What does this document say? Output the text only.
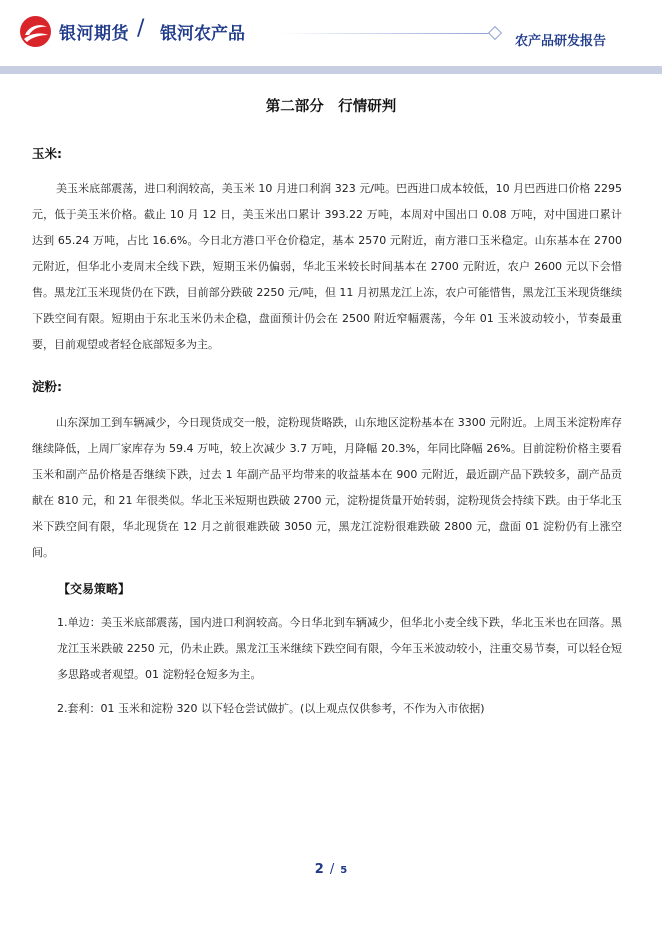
银河期货 / 银河农产品	农产品研发报告
第二部分　行情研判
玉米:
美玉米底部震荡，进口利润较高，美玉米 10 月进口利润 323 元/吨。巴西进口成本较低，10 月巴西进口价格 2295 元，低于美玉米价格。截止 10 月 12 日，美玉米出口累计 393.22 万吨，本周对中国出口 0.08 万吨，对中国进口累计达到 65.24 万吨，占比 16.6%。今日北方港口平仓价稳定，基本 2570 元附近，南方港口玉米稳定。山东基本在 2700 元附近，但华北小麦周末全线下跌，短期玉米仍偏弱，华北玉米较长时间基本在 2700 元附近，农户 2600 元以下会惜售。黑龙江玉米现货仍在下跌，目前部分跌破 2250 元/吨，但 11 月初黑龙江上冻，农户可能惜售，黑龙江玉米现货继续下跌空间有限。短期由于东北玉米仍未企稳，盘面预计仍会在 2500 附近窄幅震荡，今年 01 玉米波动较小，节奏最重要，目前观望或者轻仓底部短多为主。
淀粉:
山东深加工到车辆减少，今日现货成交一般，淀粉现货略跌，山东地区淀粉基本在 3300 元附近。上周玉米淀粉库存继续降低，上周厂家库存为 59.4 万吨，较上次减少 3.7 万吨，月降幅 20.3%，年同比降幅 26%。目前淀粉价格主要看玉米和副产品价格是否继续下跌，过去 1 年副产品平均带来的收益基本在 900 元附近，最近副产品下跌较多，副产品贡献在 810 元，和 21 年很类似。华北玉米短期也跌破 2700 元，淀粉提货量开始转弱，淀粉现货会持续下跌。由于华北玉米下跌空间有限，华北现货在 12 月之前很难跌破 3050 元，黑龙江淀粉很难跌破 2800 元，盘面 01 淀粉仍有上涨空间。
【交易策略】
1.单边：美玉米底部震荡，国内进口利润较高。今日华北到车辆减少，但华北小麦全线下跌，华北玉米也在回落。黑龙江玉米跌破 2250 元，仍未止跌。黑龙江玉米继续下跌空间有限，今年玉米波动较小，注重交易节奏，可以轻仓短多思路或者观望。01 淀粉轻仓短多为主。
2.套利：01 玉米和淀粉 320 以下轻仓尝试做扩。(以上观点仅供参考，不作为入市依据)
2 / 5
